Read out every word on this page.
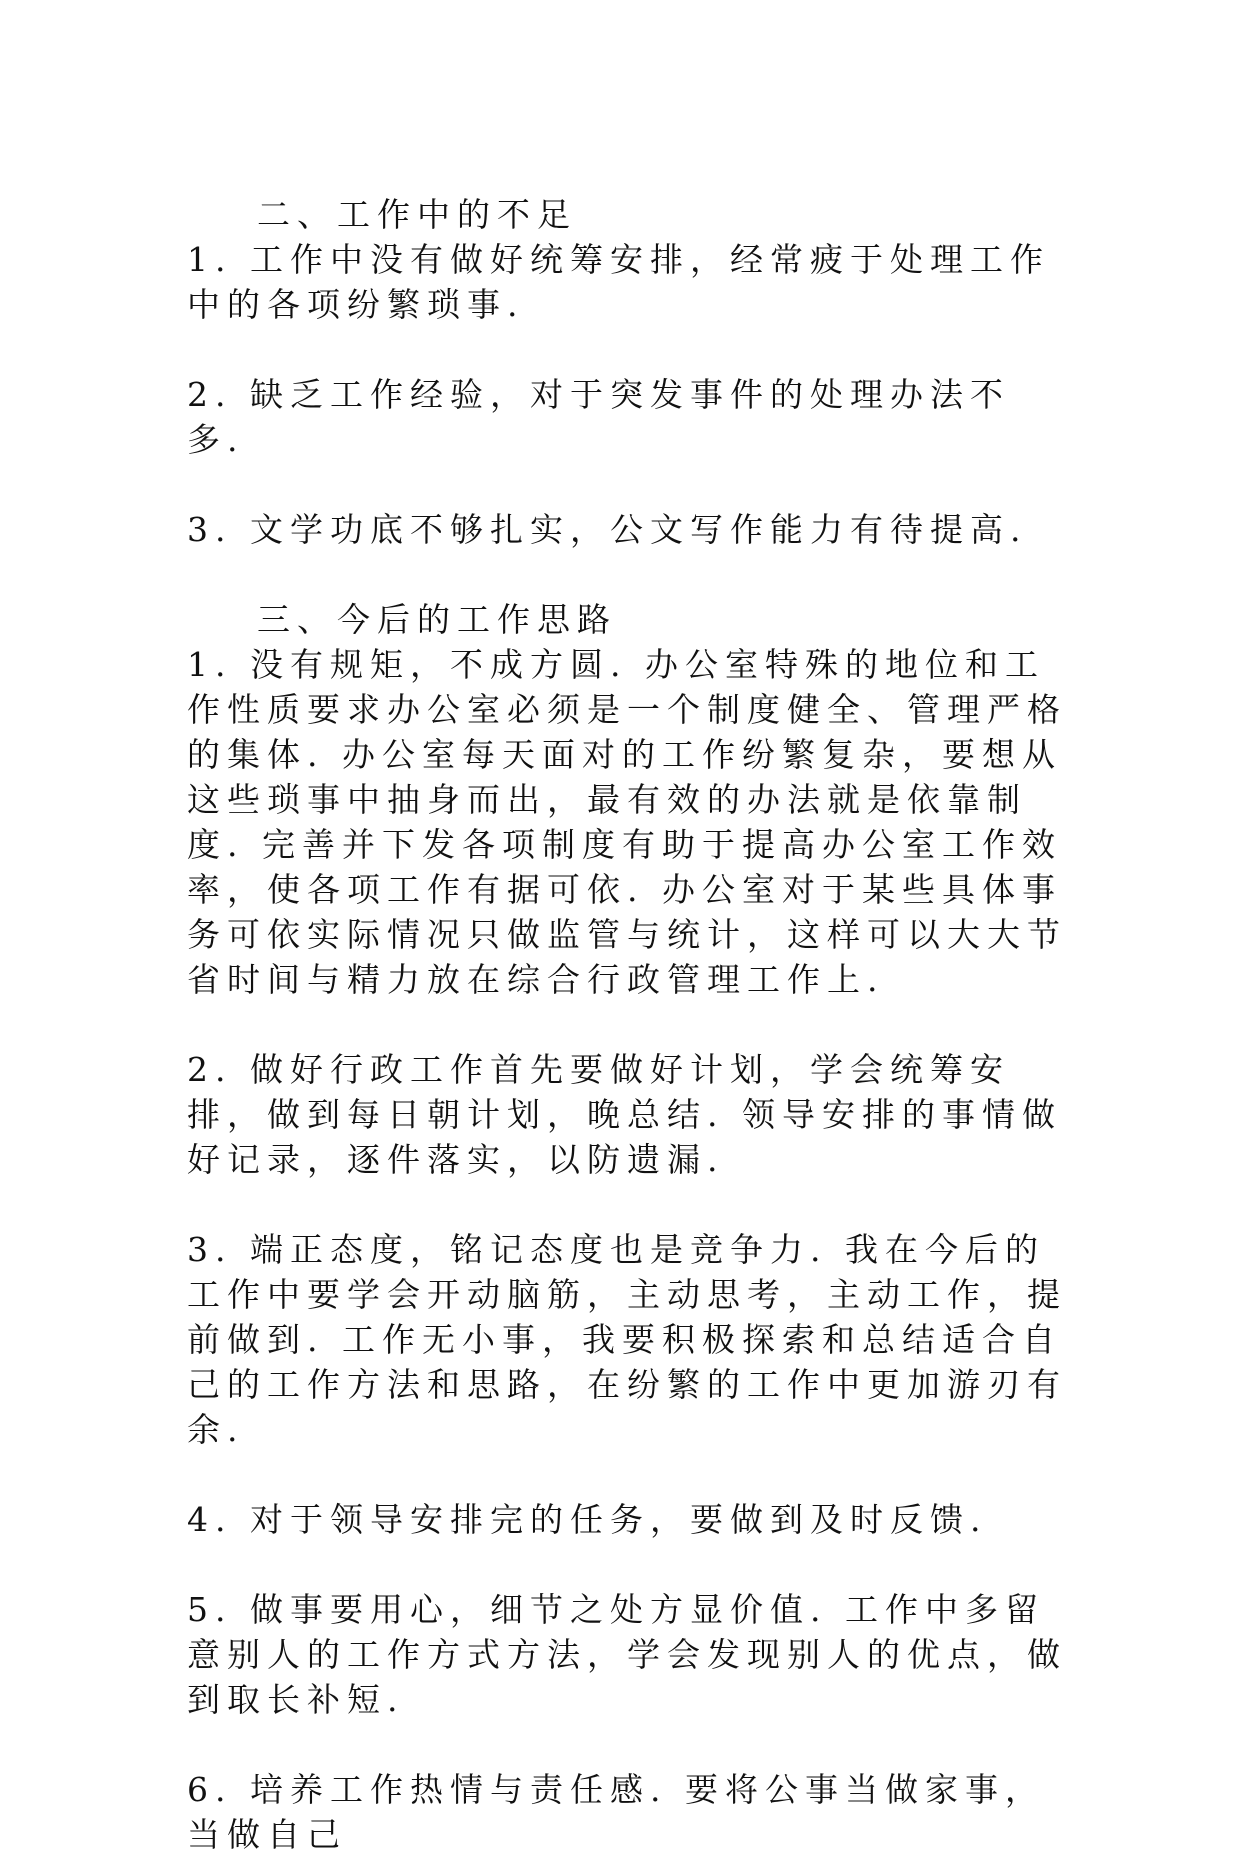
二、工作中的不足

1. 工作中没有做好统筹安排，经常疲于处理工作中的各项纷繁琐事.

2. 缺乏工作经验，对于突发事件的处理办法不多.

3. 文学功底不够扎实，公文写作能力有待提高.

三、今后的工作思路

1. 没有规矩，不成方圆. 办公室特殊的地位和工作性质要求办公室必须是一个制度健全、管理严格的集体. 办公室每天面对的工作纷繁复杂，要想从这些琐事中抽身而出，最有效的办法就是依靠制度. 完善并下发各项制度有助于提高办公室工作效率，使各项工作有据可依. 办公室对于某些具体事务可依实际情况只做监管与统计，这样可以大大节省时间与精力放在综合行政管理工作上.

2. 做好行政工作首先要做好计划，学会统筹安排，做到每日朝计划，晚总结. 领导安排的事情做好记录，逐件落实，以防遗漏.

3. 端正态度，铭记态度也是竞争力. 我在今后的工作中要学会开动脑筋，主动思考，主动工作，提前做到. 工作无小事，我要积极探索和总结适合自己的工作方法和思路，在纷繁的工作中更加游刃有余.

4. 对于领导安排完的任务，要做到及时反馈.

5. 做事要用心，细节之处方显价值. 工作中多留意别人的工作方式方法，学会发现别人的优点，做到取长补短.

6. 培养工作热情与责任感. 要将公事当做家事，当做自己
